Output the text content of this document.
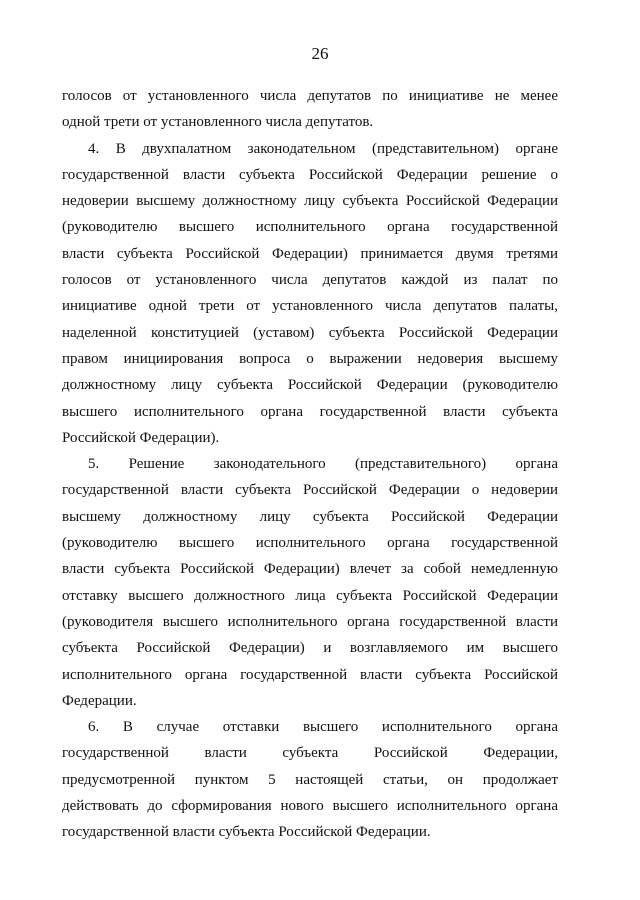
26

голосов от установленного числа депутатов по инициативе не менее
одной трети от установленного числа депутатов.

4. В двухпалатном законодательном (представительном) органе
государственной власти субъекта Российской Федерации решение о
недоверии высшему должностному лицу субъекта Российской Федерации
(руководителю высшего исполнительного органа государственной
власти субъекта Российской Федерации) принимается двумя третями
голосов от установленного числа депутатов каждой из палат по
инициативе одной трети от установленного числа депутатов палаты,
наделенной конституцией (уставом) субъекта Российской Федерации
правом инициирования вопроса о выражении недоверия высшему
должностному лицу субъекта Российской Федерации (руководителю
высшего исполнительного органа государственной власти субъекта
Российской Федерации).

5. Решение законодательного (представительного) органа
государственной власти субъекта Российской Федерации о недоверии
высшему должностному лицу субъекта Российской Федерации
(руководителю высшего исполнительного органа государственной
власти субъекта Российской Федерации) влечет за собой немедленную
отставку высшего должностного лица субъекта Российской Федерации
(руководителя высшего исполнительного органа государственной власти
субъекта Российской Федерации) и возглавляемого им высшего
исполнительного органа государственной власти субъекта Российской
Федерации.

6. В случае отставки высшего исполнительного органа
государственной власти субъекта Российской Федерации,
предусмотренной пунктом 5 настоящей статьи, он продолжает
действовать до сформирования нового высшего исполнительного органа
государственной власти субъекта Российской Федерации.
